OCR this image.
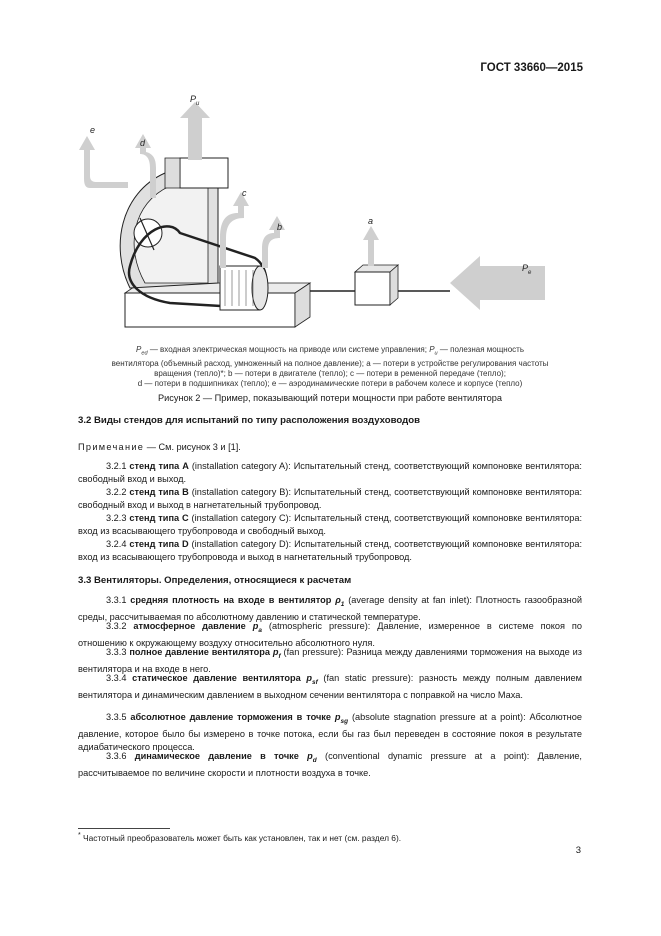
ГОСТ 33660—2015
$P_u$
e
d
c
b
a
$P_e$
$P_{ed}$ — входная электрическая мощность на приводе или системе управления; $P_u$ — полезная мощность
вентилятора (объемный расход, умноженный на полное давление); a — потери в устройстве регулирования частоты
вращения (тепло)*; b — потери в двигателе (тепло); c — потери в ременной передаче (тепло);
d — потери в подшипниках (тепло); e — аэродинамические потери в рабочем колесе и корпусе (тепло)
Рисунок 2 — Пример, показывающий потери мощности при работе вентилятора
3.2 Виды стендов для испытаний по типу расположения воздуховодов
Примечание — См. рисунок 3 и [1].
3.2.1 стенд типа A (installation category A): Испытательный стенд, соответствующий компоновке вентилятора: свободный вход и выход.
3.2.2 стенд типа B (installation category B): Испытательный стенд, соответствующий компоновке вентилятора: свободный вход и выход в нагнетательный трубопровод.
3.2.3 стенд типа C (installation category C): Испытательный стенд, соответствующий компоновке вентилятора: вход из всасывающего трубопровода и свободный выход.
3.2.4 стенд типа D (installation category D): Испытательный стенд, соответствующий компоновке вентилятора: вход из всасывающего трубопровода и выход в нагнетательный трубопровод.
3.3 Вентиляторы. Определения, относящиеся к расчетам
3.3.1 средняя плотность на входе в вентилятор $\rho_1$ (average density at fan inlet): Плотность газообразной среды, рассчитываемая по абсолютному давлению и статической температуре.
3.3.2 атмосферное давление $p_a$ (atmospheric pressure): Давление, измеренное в системе покоя по отношению к окружающему воздуху относительно абсолютного нуля.
3.3.3 полное давление вентилятора $p_f$ (fan pressure): Разница между давлениями торможения на выходе из вентилятора и на входе в него.
3.3.4 статическое давление вентилятора $p_{sf}$ (fan static pressure): разность между полным давлением вентилятора и динамическим давлением в выходном сечении вентилятора с поправкой на число Маха.
3.3.5 абсолютное давление торможения в точке $p_{sg}$ (absolute stagnation pressure at a point): Абсолютное давление, которое было бы измерено в точке потока, если бы газ был переведен в состояние покоя в результате адиабатического процесса.
3.3.6 динамическое давление в точке $p_d$ (conventional dynamic pressure at a point): Давление, рассчитываемое по величине скорости и плотности воздуха в точке.
* Частотный преобразователь может быть как установлен, так и нет (см. раздел 6).
3
